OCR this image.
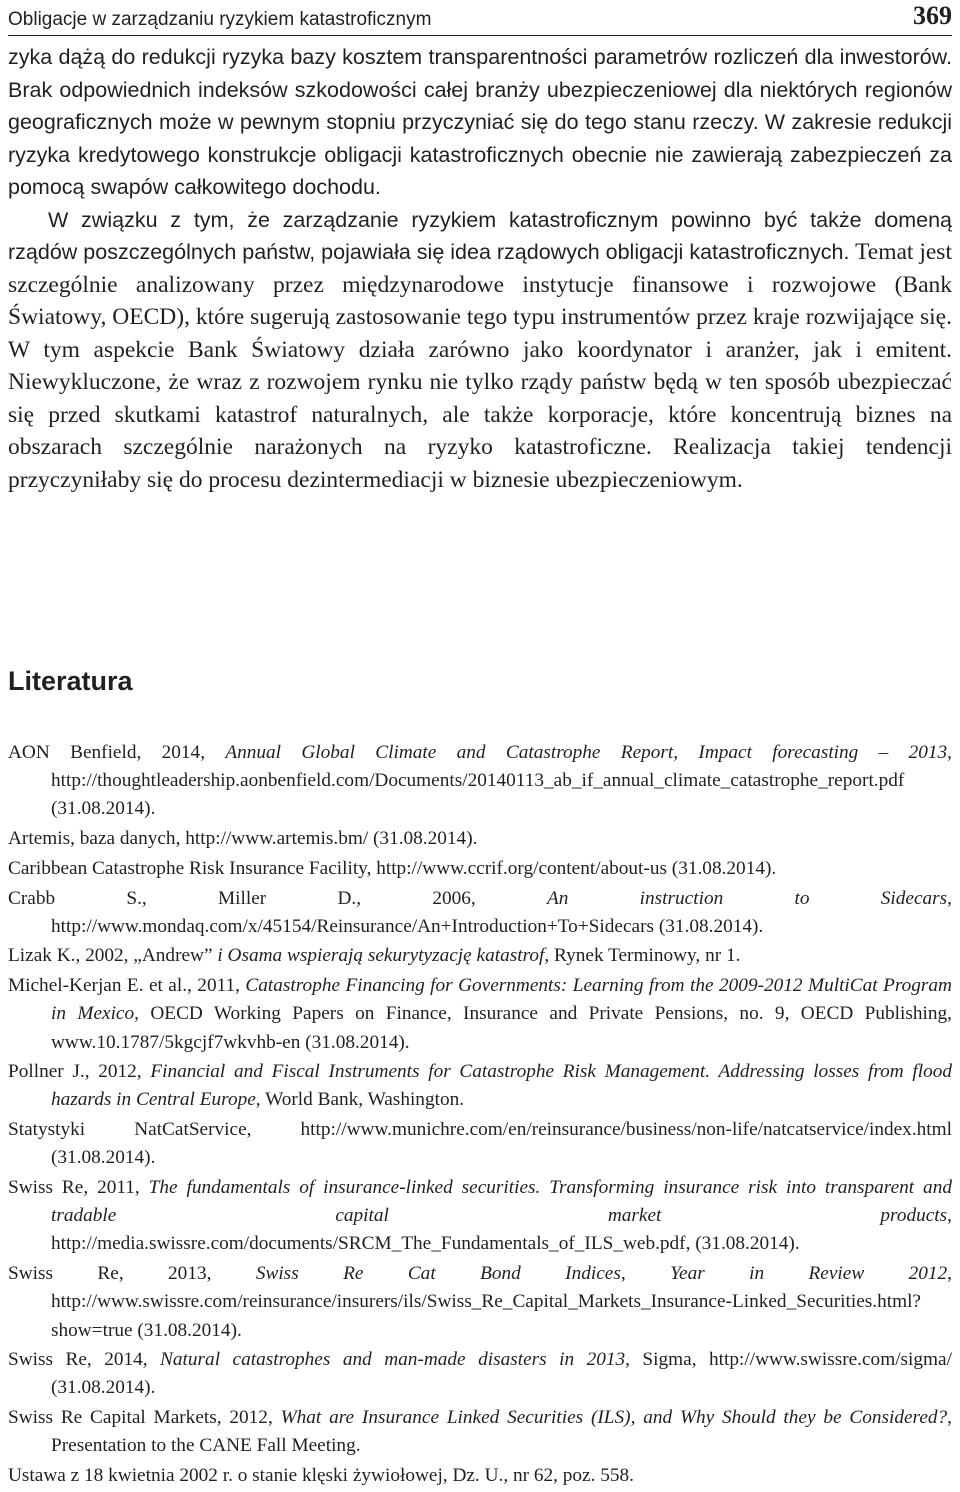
Obligacje w zarządzaniu ryzykiem katastroficznym	369

zyka dążą do redukcji ryzyka bazy kosztem transparentności parametrów rozliczeń dla inwestorów. Brak odpowiednich indeksów szkodowości całej branży ubezpieczeniowej dla niektórych regionów geograficznych może w pewnym stopniu przyczyniać się do tego stanu rzeczy. W zakresie redukcji ryzyka kredytowego konstrukcje obligacji katastroficznych obecnie nie zawierają zabezpieczeń za pomocą swapów całkowitego dochodu.

W związku z tym, że zarządzanie ryzykiem katastroficznym powinno być także domeną rządów poszczególnych państw, pojawiała się idea rządowych obligacji katastroficznych. Temat jest szczególnie analizowany przez międzynarodowe instytucje finansowe i rozwojowe (Bank Światowy, OECD), które sugerują zastosowanie tego typu instrumentów przez kraje rozwijające się. W tym aspekcie Bank Światowy działa zarówno jako koordynator i aranżer, jak i emitent. Niewykluczone, że wraz z rozwojem rynku nie tylko rządy państw będą w ten sposób ubezpieczać się przed skutkami katastrof naturalnych, ale także korporacje, które koncentrują biznes na obszarach szczególnie narażonych na ryzyko katastroficzne. Realizacja takiej tendencji przyczyniłaby się do procesu dezintermediacji w biznesie ubezpieczeniowym.

Literatura

AON Benfield, 2014, Annual Global Climate and Catastrophe Report, Impact forecasting – 2013, http://thoughtleadership.aonbenfield.com/Documents/20140113_ab_if_annual_climate_catastrophe_report.pdf (31.08.2014).

Artemis, baza danych, http://www.artemis.bm/ (31.08.2014).

Caribbean Catastrophe Risk Insurance Facility, http://www.ccrif.org/content/about-us (31.08.2014).

Crabb S., Miller D., 2006, An instruction to Sidecars, http://www.mondaq.com/x/45154/Reinsurance/An+Introduction+To+Sidecars (31.08.2014).

Lizak K., 2002, „Andrew” i Osama wspierają sekurytyzację katastrof, Rynek Terminowy, nr 1.

Michel-Kerjan E. et al., 2011, Catastrophe Financing for Governments: Learning from the 2009-2012 MultiCat Program in Mexico, OECD Working Papers on Finance, Insurance and Private Pensions, no. 9, OECD Publishing, www.10.1787/5kgcjf7wkvhb-en (31.08.2014).

Pollner J., 2012, Financial and Fiscal Instruments for Catastrophe Risk Management. Addressing losses from flood hazards in Central Europe, World Bank, Washington.

Statystyki NatCatService, http://www.munichre.com/en/reinsurance/business/non-life/natcatservice/index.html (31.08.2014).

Swiss Re, 2011, The fundamentals of insurance-linked securities. Transforming insurance risk into transparent and tradable capital market products, http://media.swissre.com/documents/SRCM_The_Fundamentals_of_ILS_web.pdf, (31.08.2014).

Swiss Re, 2013, Swiss Re Cat Bond Indices, Year in Review 2012, http://www.swissre.com/reinsurance/insurers/ils/Swiss_Re_Capital_Markets_Insurance-Linked_Securities.html?show=true (31.08.2014).

Swiss Re, 2014, Natural catastrophes and man-made disasters in 2013, Sigma, http://www.swissre.com/sigma/ (31.08.2014).

Swiss Re Capital Markets, 2012, What are Insurance Linked Securities (ILS), and Why Should they be Considered?, Presentation to the CANE Fall Meeting.

Ustawa z 18 kwietnia 2002 r. o stanie klęski żywiołowej, Dz. U., nr 62, poz. 558.
